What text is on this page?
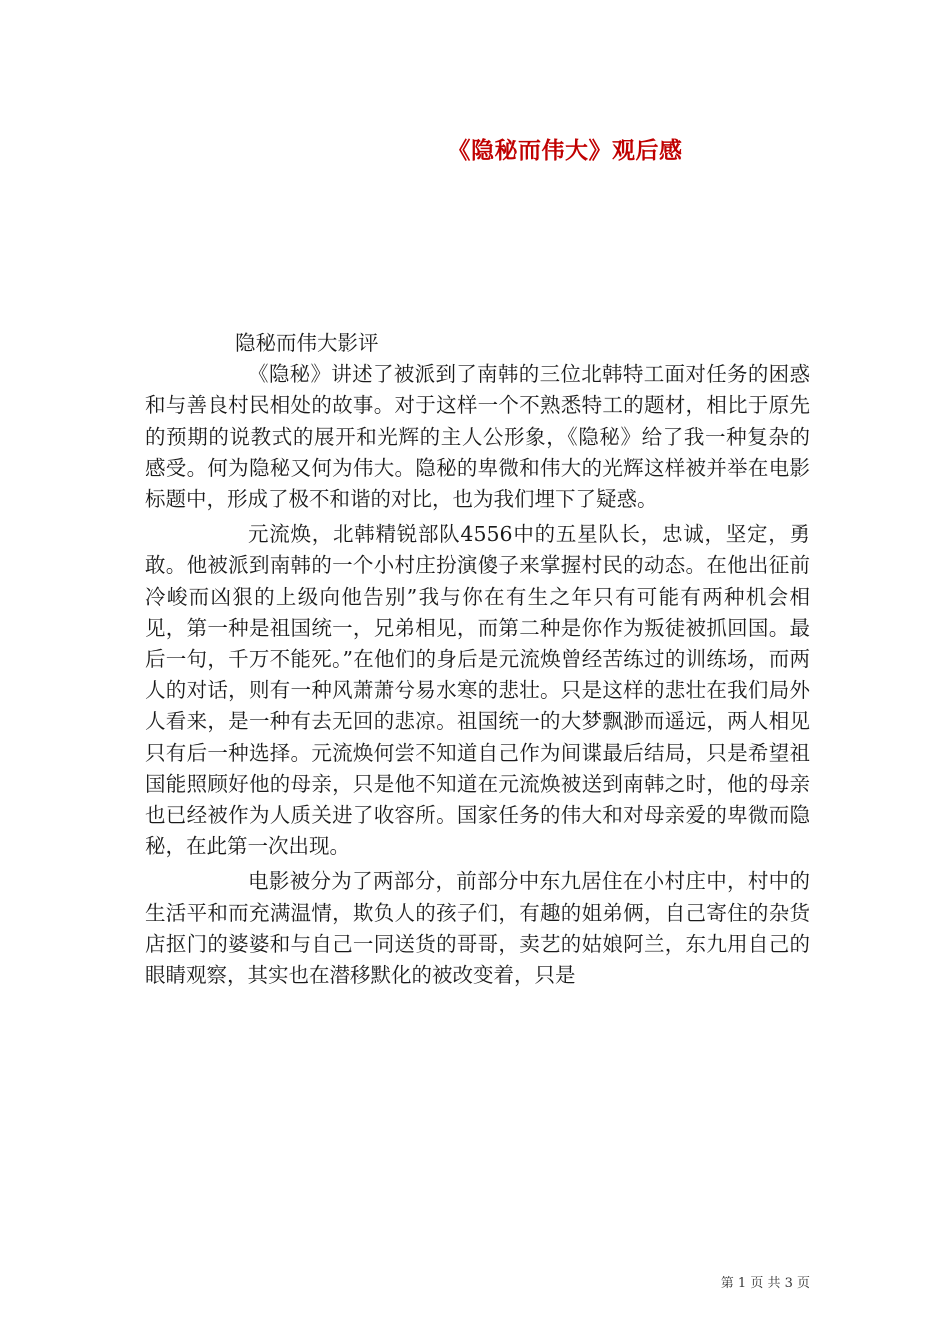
《隐秘而伟大》观后感

隐秘而伟大影评

《隐秘》讲述了被派到了南韩的三位北韩特工面对任务的困惑和与善良村民相处的故事。对于这样一个不熟悉特工的题材，相比于原先的预期的说教式的展开和光辉的主人公形象，《隐秘》给了我一种复杂的感受。何为隐秘又何为伟大。隐秘的卑微和伟大的光辉这样被并举在电影标题中，形成了极不和谐的对比，也为我们埋下了疑惑。

元流焕，北韩精锐部队4556中的五星队长，忠诚，坚定，勇敢。他被派到南韩的一个小村庄扮演傻子来掌握村民的动态。在他出征前冷峻而凶狠的上级向他告别”我与你在有生之年只有可能有两种机会相见，第一种是祖国统一，兄弟相见，而第二种是你作为叛徒被抓回国。最后一句，千万不能死。”在他们的身后是元流焕曾经苦练过的训练场，而两人的对话，则有一种风萧萧兮易水寒的悲壮。只是这样的悲壮在我们局外人看来，是一种有去无回的悲凉。祖国统一的大梦飘渺而遥远，两人相见只有后一种选择。元流焕何尝不知道自己作为间谍最后结局，只是希望祖国能照顾好他的母亲，只是他不知道在元流焕被送到南韩之时，他的母亲也已经被作为人质关进了收容所。国家任务的伟大和对母亲爱的卑微而隐秘，在此第一次出现。

电影被分为了两部分，前部分中东九居住在小村庄中，村中的生活平和而充满温情，欺负人的孩子们，有趣的姐弟俩，自己寄住的杂货店抠门的婆婆和与自己一同送货的哥哥，卖艺的姑娘阿兰，东九用自己的眼睛观察，其实也在潜移默化的被改变着，只是

第 1 页 共 3 页
